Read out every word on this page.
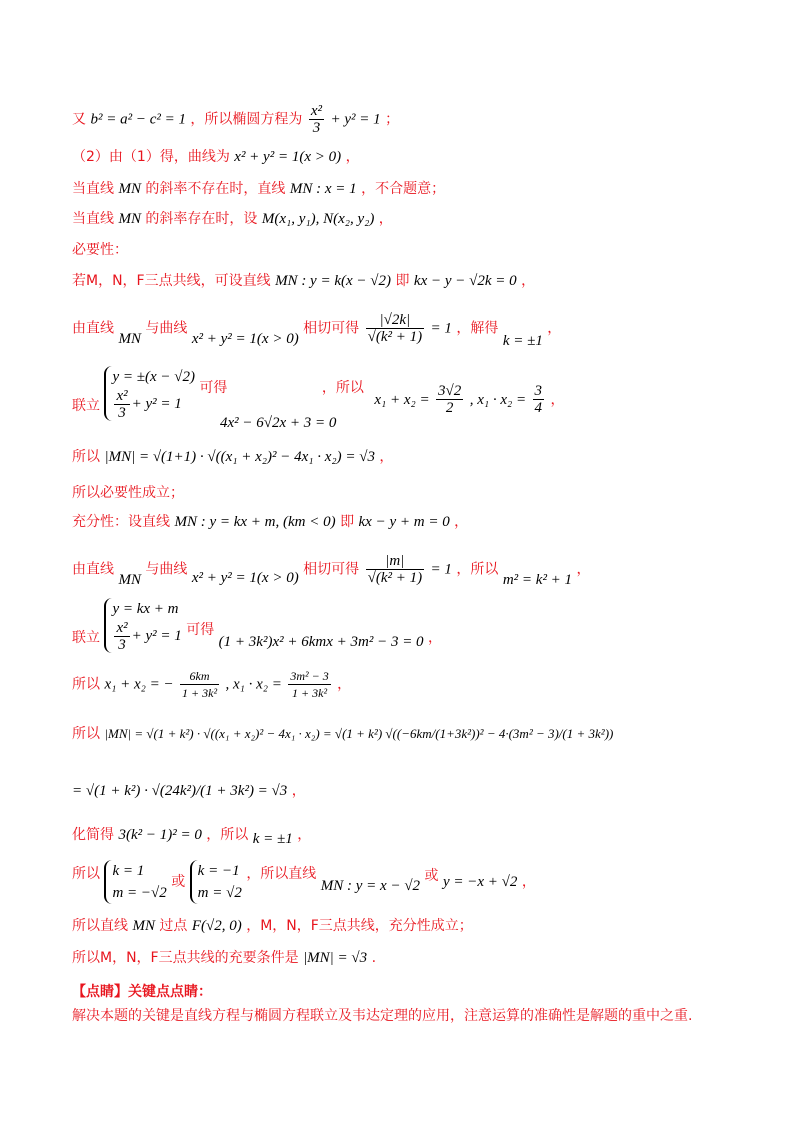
又 b² = a² − c² = 1 ，所以椭圆方程为 $\frac{\text{x²}}{3} + y^2 = 1$ ；
（2）由（1）得，曲线为 x² + y² = 1(x > 0) ，
当直线 MN 的斜率不存在时，直线 MN : x = 1 ，不合题意；
当直线 MN 的斜率存在时，设 M(x₁, y₁), N(x₂, y₂) ，
必要性：
若M，N，F三点共线，可设直线 MN : y = k(x − √2) 即 kx − y − √2k = 0 ，
由直线 MN 与曲线 x² + y² = 1(x > 0) 相切可得 $\frac{|√2k|}{\text{√(k² + 1)}} = 1$ ，解得 k = ±1 ，
联立
y = ±(x − √2)
$\frac{\text{x²}}{3} + y^2 = 1$
可得
4x² − 6√2x + 3 = 0
，所以 $x_1 + x_2 = \frac{3√2}{2}$ , $x_1 \cdot x_2 = \frac{3}{4}$ ，
所以 |MN| = √(1+1) · √((x₁ + x₂)² − 4x₁ · x₂) = √3 ，
所以必要性成立；
充分性：设直线 MN : y = kx + m, (km < 0) 即 kx − y + m = 0 ，
由直线 MN 与曲线 x² + y² = 1(x > 0) 相切可得 $\frac{|m|}{\text{√(k² + 1)}} = 1$ ，所以 m² = k² + 1 ，
联立
y = kx + m
$\frac{\text{x²}}{3} + y^2 = 1$ 可得 (1 + 3k²)x² + 6kmx + 3m² − 3 = 0 ，
所以 x₁ + x₂ = − $\frac{6km}{\text{1 + 3k²}}$ , $x_1 \cdot x_2 = \frac{\text{3m² − 3}}{\text{1 + 3k²}}$ ，
所以 |MN| = √(1 + k²) · √((x₁ + x₂)² − 4x₁ · x₂) = √(1 + k²) √((−6km/(1+3k²))² − 4·(3m² − 3)/(1 + 3k²))
= √(1 + k²) · √(24k²)/(1 + 3k²) = √3 ，
化简得 3(k² − 1)² = 0 ，所以 k = ±1 ，
所以 k = 1
m = −√2
或
k = −1
m = √2
，所以直线 MN : y = x − √2 或 y = −x + √2 ，
所以直线 MN 过点 F(√2, 0) ，M，N，F三点共线，充分性成立；
所以M，N，F三点共线的充要条件是 |MN| = √3 .
【点睛】关键点点睛：
解决本题的关键是直线方程与椭圆方程联立及韦达定理的应用，注意运算的准确性是解题的重中之重.
